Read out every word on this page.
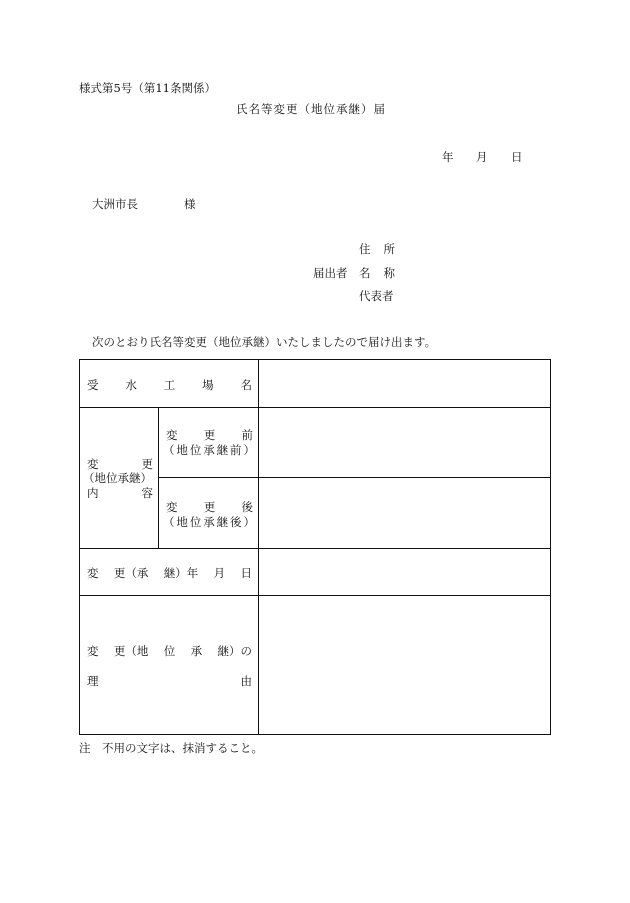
様式第5号（第11条関係）
氏 名 等 変 更 （ 地 位 承 継 ） 届
年 月 日
大洲市長	様
住 所
届出者 名 称
代表者
次のとおり氏名等変更（地位承継）いたしましたので届け出ます。
受 水 工 場 名
変	更
（地位承継）
内	容
変 更 前
（ 地 位 承 継 前 ）
変 更 後
（ 地 位 承 継 後 ）
変 更（承 継）年 月 日
変 更（地 位 承 継）の
理	由
注　不用の文字は、抹消すること。
